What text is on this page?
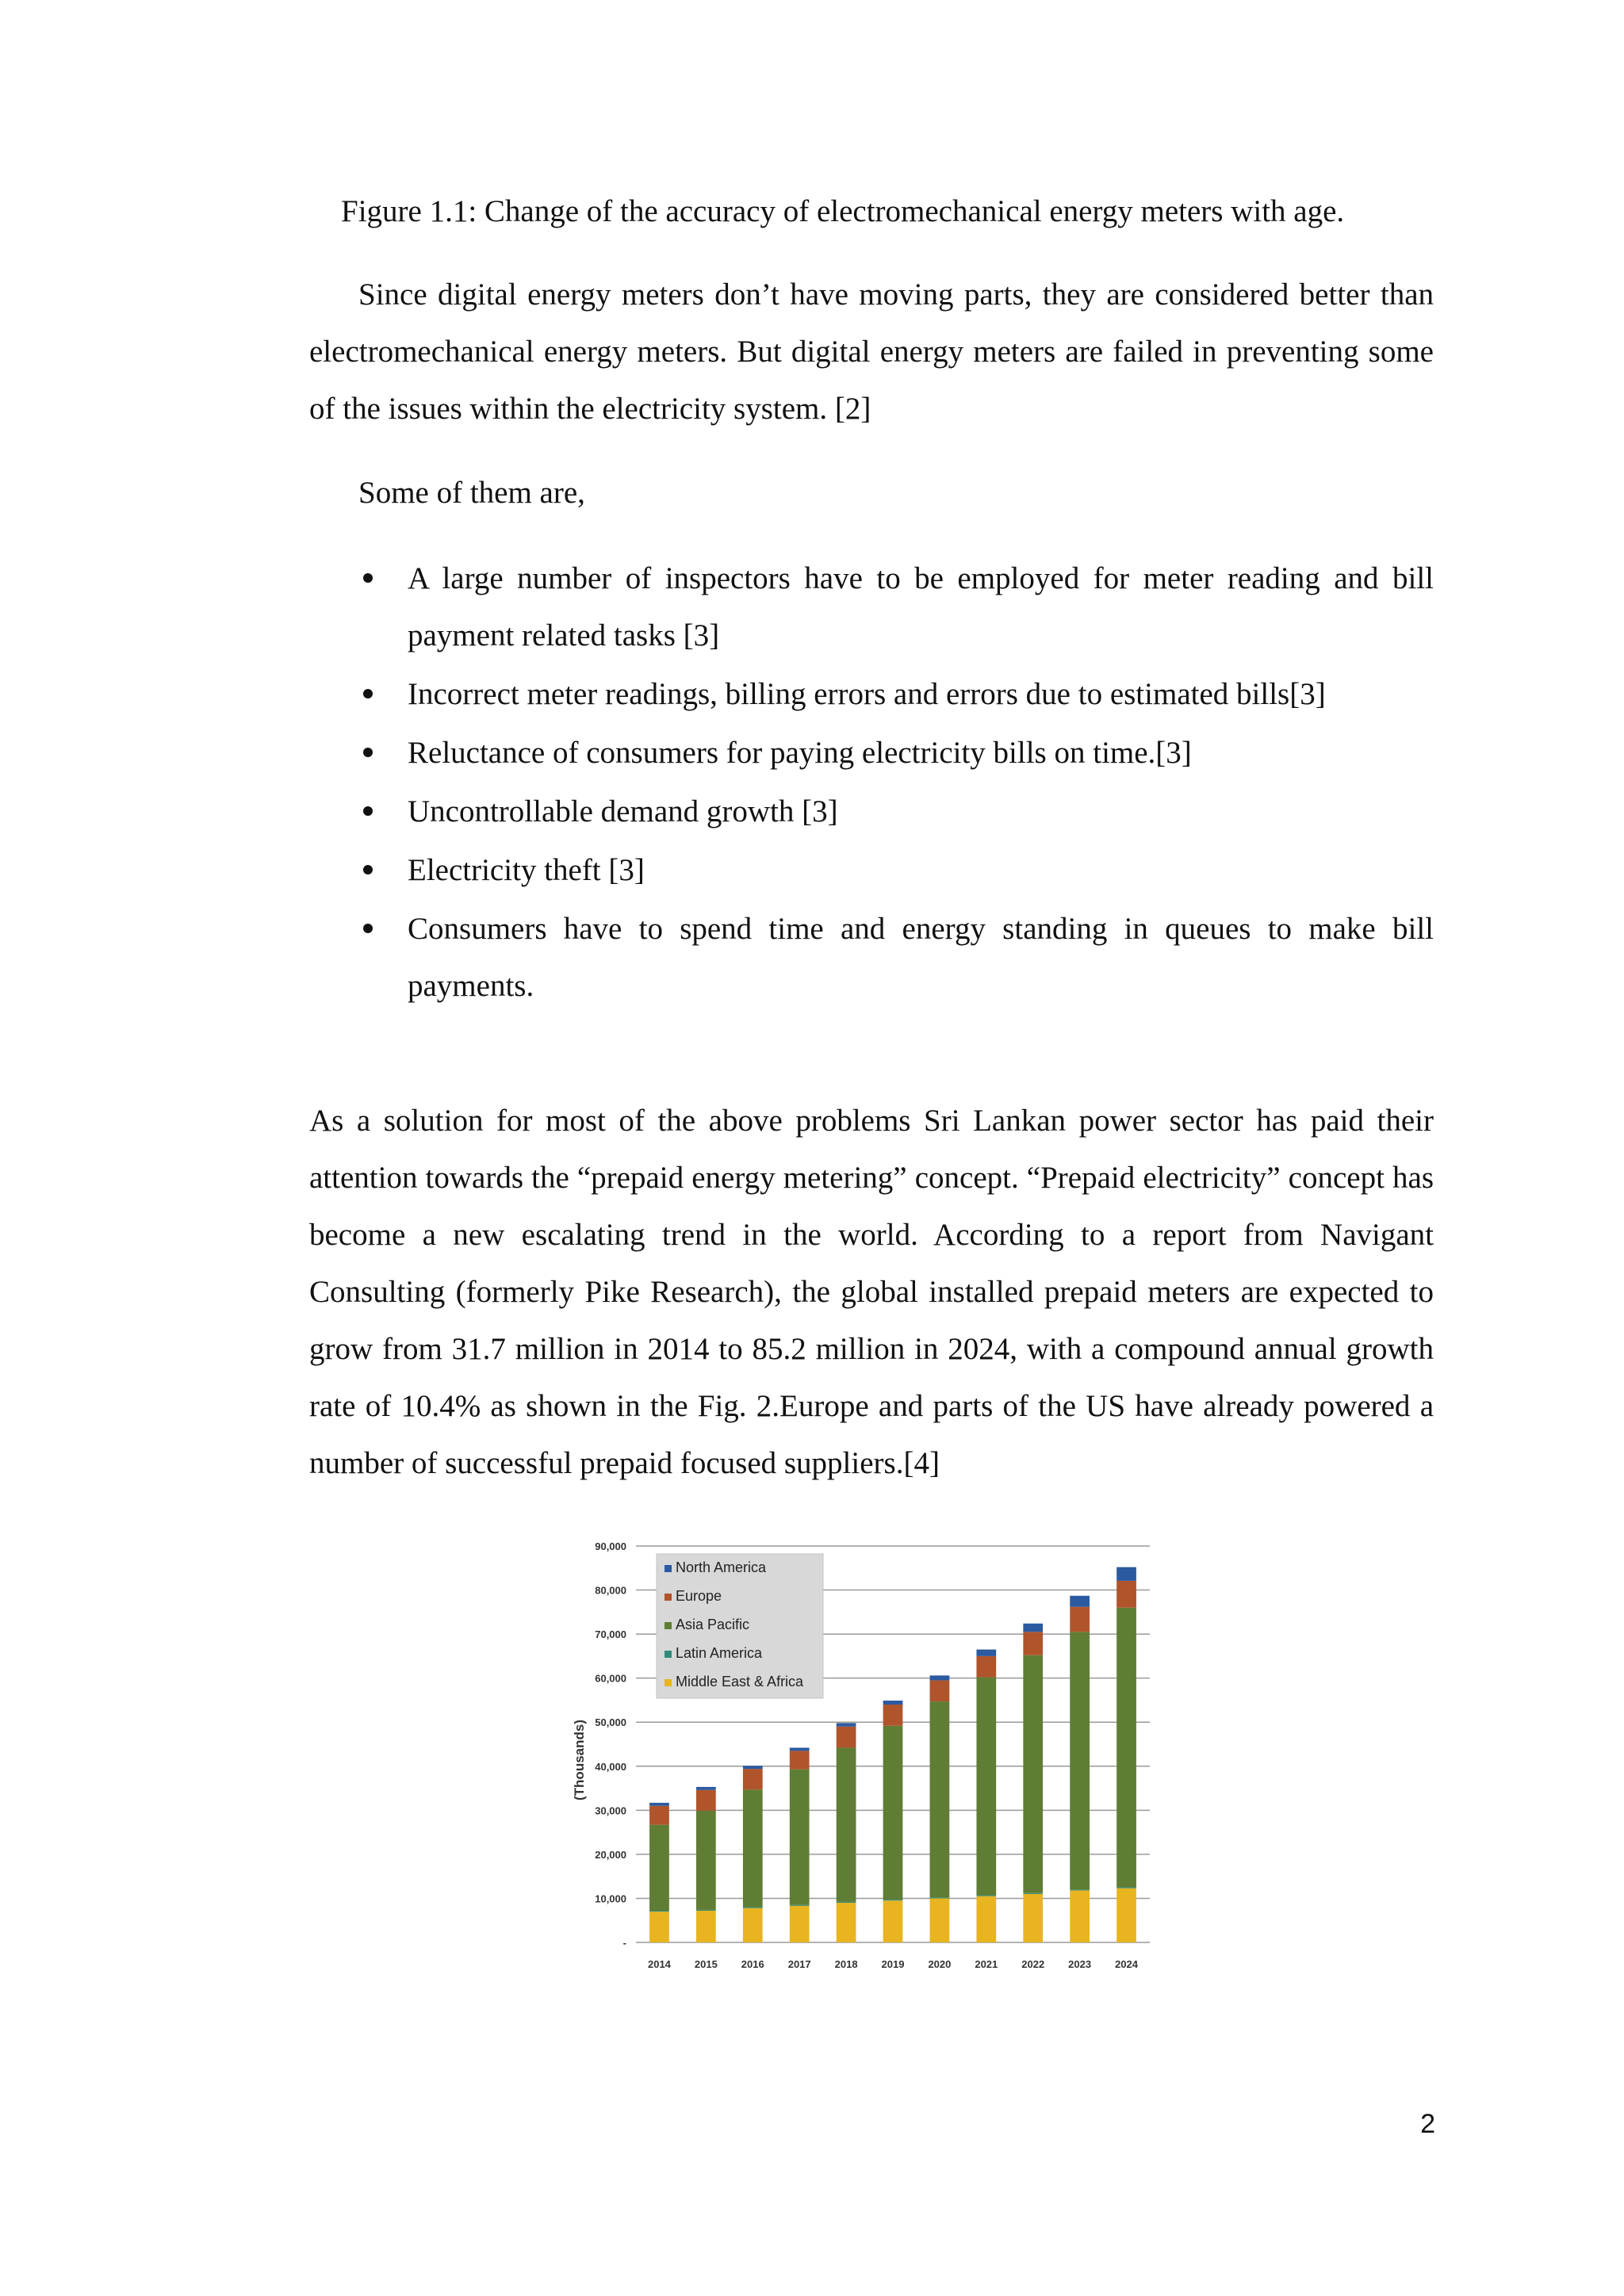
Figure 1.1: Change of the accuracy of electromechanical energy meters with age.

Since digital energy meters don’t have moving parts, they are considered better than electromechanical energy meters. But digital energy meters are failed in preventing some of the issues within the electricity system. [2]

Some of them are,

A large number of inspectors have to be employed for meter reading and bill payment related tasks [3]
Incorrect meter readings, billing errors and errors due to estimated bills[3]
Reluctance of consumers for paying electricity bills on time.[3]
Uncontrollable demand growth [3]
Electricity theft [3]
Consumers have to spend time and energy standing in queues to make bill payments.

As a solution for most of the above problems Sri Lankan power sector has paid their attention towards the “prepaid energy metering” concept. “Prepaid electricity” concept has become a new escalating trend in the world. According to a report from Navigant Consulting (formerly Pike Research), the global installed prepaid meters are expected to grow from 31.7 million in 2014 to 85.2 million in 2024, with a compound annual growth rate of 10.4% as shown in the Fig. 2.Europe and parts of the US have already powered a number of successful prepaid focused suppliers.[4]

-
10,000
20,000
30,000
40,000
50,000
60,000
70,000
80,000
90,000
(Thousands)
2014 2015 2016 2017 2018 2019 2020 2021 2022 2023 2024
North America
Europe
Asia Pacific
Latin America
Middle East & Africa
2
